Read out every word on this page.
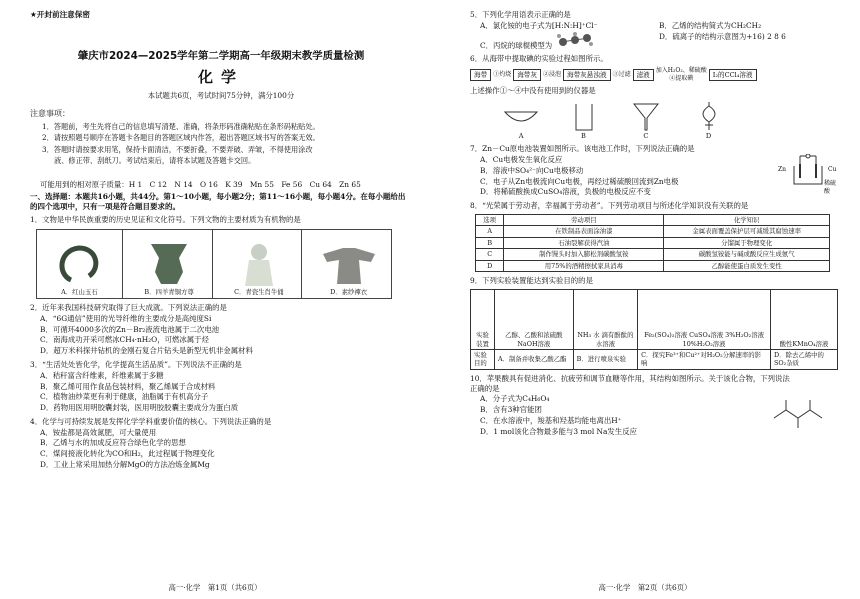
★开封前注意保密
肇庆市2024—2025学年第二学期高一年级期末教学质量检测
化学
本试题共6页，考试时间75分钟，满分100分
注意事项：
1．答题前，考生先将自己的信息填写清楚、准确，将条形码准确粘贴在条形码粘贴处。
2．请按照题号顺序在答题卡各题目的答题区域内作答，超出答题区域书写的答案无效。
3．答题时请按要求用笔，保持卡面清洁，不要折叠，不要弄破、弄皱，不得使用涂改
液、修正带、刮纸刀。考试结束后，请将本试题及答题卡交回。
可能用到的相对原子质量：H 1　C 12　N 14　O 16　K 39　Mn 55　Fe 56　Cu 64　Zn 65
一、选择题：本题共16小题，共44分。第1～10小题，每小题2分；第11～16小题，每小题4分。在每小题给出的四个选项中，只有一项是符合题目要求的。
1．文物是中华民族重要的历史见证和文化符号。下列文物的主要材质为有机物的是
A．红山玉石	B．四羊青铜方尊	C．青瓷生肖牛俑	D．素纱襌衣
2．近年来我国科技研究取得了巨大成就。下列说法正确的是
A．“6G通信”使用的光导纤维的主要成分是高纯度Si
B．可循环4000多次的Zn－Br₂液流电池属于二次电池
C．南海成功开采可燃冰CH₄·nH₂O，可燃冰属于烃
D．超万米科探井钻机的金刚石复合片钻头是新型无机非金属材料
3．“生活处处皆化学，化学提高生活品质”。下列说法不正确的是
A．秸秆富含纤维素，纤维素属于多糖
B．聚乙烯可用作食品包装材料，聚乙烯属于合成材料
C．植物油炒菜更有利于健康，油脂属于有机高分子
D．药物用医用明胶囊封装，医用明胶胶囊主要成分为蛋白质
4．化学与可持续发展是发挥化学学科重要价值的核心。下列说法正确的是
A．铵盐都是高效氮肥，可大量使用
B．乙烯与水的加成反应符合绿色化学的思想
C．煤间接液化转化为CO和H₂，此过程属于物理变化
D．工业上常采用加热分解MgO的方法冶炼金属Mg
高一·化学　第1页（共6页）
5．下列化学用语表示正确的是
A．氯化铵的电子式为[H:N:H]⁺Cl⁻	B．乙烯的结构简式为CH₂CH₂
C．丙烷的球棍模型为
D．硫离子的结构示意图为+16) 2 8 6
6．从海带中提取碘的实验过程如图所示。
海带	①灼烧 海带灰	②浸泡 海带灰悬浊液	③过滤 滤液
加入H₂O₂、稀硫酸
④提取碘	I₂的CCl₄溶液
上述操作①～④中没有使用到的仪器是
A	B	C	D
7．Zn－Cu原电池装置如图所示。该电池工作时，下列说法正确的是
A．Cu电极发生氧化反应
B．溶液中SO₄²⁻向Cu电极移动
C．电子从Zn电极流向Cu电极，再经过稀硫酸回流到Zn电极
D．将稀硫酸换成CuSO₄溶液，负极的电极反应不变
Zn	Cu
稀硫酸
8．“光荣属于劳动者，幸福属于劳动者”。下列劳动项目与所述化学知识没有关联的是
选项	劳动项目	化学知识
A	在铁制品表面涂油漆	金属表面覆盖保护层可减缓其腐蚀速率
B	石油裂解获得汽油	分馏属于物理变化
C	制作馒头时加入膨松剂碳酸氢铵	碳酸氢铵能与碱或酸反应生成氨气
D	用75%的酒精擦拭家具消毒	乙醇能使蛋白质发生变性
9．下列实验装置能达到实验目的的是
实验装置	乙醇、乙酸和浓硫酸 NaOH溶液	NH₃ 水 滴有酚酞的水溶液	Fe₂(SO₄)₃溶液 CuSO₄溶液 3%H₂O₂溶液 10%H₂O₂溶液	酸性KMnO₄溶液
实验目的	A．制备并收集乙酸乙酯	B．进行喷泉实验	C．探究Fe³⁺和Cu²⁺对H₂O₂分解速率的影响	D．除去乙烯中的SO₂杂质
10．苹果酸具有促进消化、抗疲劳和调节血糖等作用，其结构如图所示。关于该化合物，下列说法正确的是
A．分子式为C₄H₆O₄
B．含有3种官能团
C．在水溶液中，羧基和羟基均能电离出H⁺
D．1 mol该化合物最多能与3 mol Na发生反应
高一·化学　第2页（共6页）
